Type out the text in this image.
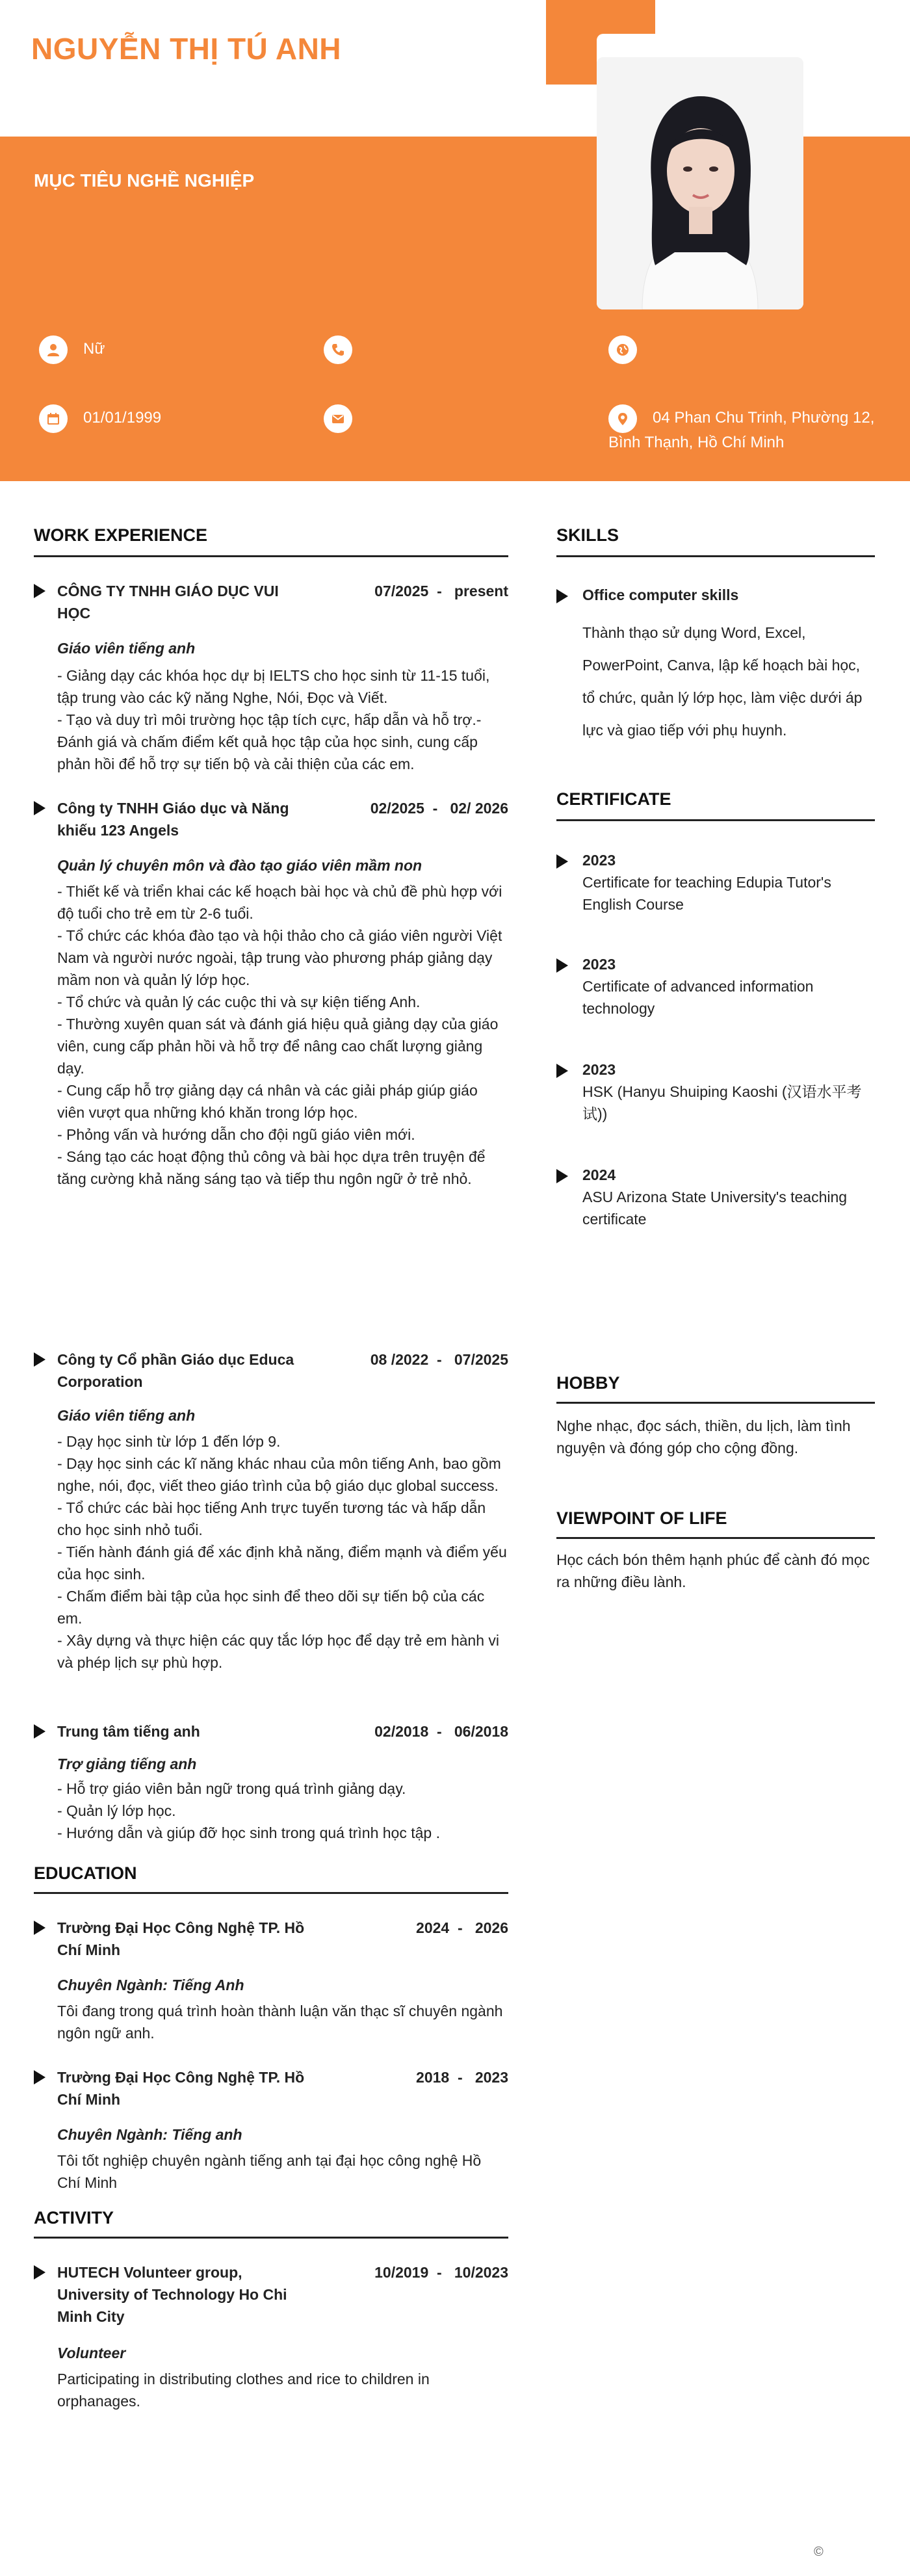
NGUYỄN THỊ TÚ ANH
MỤC TIÊU NGHỀ NGHIỆP
Nữ
01/01/1999	04 Phan Chu Trinh, Phường 12, Bình Thạnh, Hồ Chí Minh
WORK EXPERIENCE
CÔNG TY TNHH GIÁO DỤC VUI HỌC
07/2025  -   present
Giáo viên tiếng anh
- Giảng dạy các khóa học dự bị IELTS cho học sinh từ 11-15 tuổi, tập trung vào các kỹ năng Nghe, Nói, Đọc và Viết.
- Tạo và duy trì môi trường học tập tích cực, hấp dẫn và hỗ trợ.- Đánh giá và chấm điểm kết quả học tập của học sinh, cung cấp phản hồi để hỗ trợ sự tiến bộ và cải thiện của các em.
Công ty TNHH Giáo dục và Năng khiếu 123 Angels
02/2025  -   02/ 2026
Quản lý chuyên môn và đào tạo giáo viên mầm non
- Thiết kế và triển khai các kế hoạch bài học và chủ đề phù hợp với độ tuổi cho trẻ em từ 2-6 tuổi.
- Tổ chức các khóa đào tạo và hội thảo cho cả giáo viên người Việt Nam và người nước ngoài, tập trung vào phương pháp giảng dạy mầm non và quản lý lớp học.
- Tổ chức và quản lý các cuộc thi và sự kiện tiếng Anh.
- Thường xuyên quan sát và đánh giá hiệu quả giảng dạy của giáo viên, cung cấp phản hồi và hỗ trợ để nâng cao chất lượng giảng dạy.
- Cung cấp hỗ trợ giảng dạy cá nhân và các giải pháp giúp giáo viên vượt qua những khó khăn trong lớp học.
- Phỏng vấn và hướng dẫn cho đội ngũ giáo viên mới.
- Sáng tạo các hoạt động thủ công và bài học dựa trên truyện để tăng cường khả năng sáng tạo và tiếp thu ngôn ngữ ở trẻ nhỏ.
Công ty Cổ phần Giáo dục Educa Corporation
08 /2022  -   07/2025
Giáo viên tiếng anh
- Dạy học sinh từ lớp 1 đến lớp 9.
- Dạy học sinh các kĩ năng khác nhau của môn tiếng Anh, bao gồm nghe, nói, đọc, viết theo giáo trình của bộ giáo dục global success.
- Tổ chức các bài học tiếng Anh trực tuyến tương tác và hấp dẫn cho học sinh nhỏ tuổi.
- Tiến hành đánh giá để xác định khả năng, điểm mạnh và điểm yếu của học sinh.
- Chấm điểm bài tập của học sinh để theo dõi sự tiến bộ của các em.
- Xây dựng và thực hiện các quy tắc lớp học để dạy trẻ em hành vi và phép lịch sự phù hợp.
Trung tâm tiếng anh	02/2018  -   06/2018
Trợ giảng tiếng anh
- Hỗ trợ giáo viên bản ngữ trong quá trình giảng dạy.
- Quản lý lớp học.
- Hướng dẫn và giúp đỡ học sinh trong quá trình học tập .
EDUCATION
Trường Đại Học Công Nghệ TP. Hồ Chí Minh
2024  -   2026
Chuyên Ngành: Tiếng Anh
Tôi đang trong quá trình hoàn thành luận văn thạc sĩ chuyên ngành ngôn ngữ anh.
Trường Đại Học Công Nghệ TP. Hồ Chí Minh
2018  -   2023
Chuyên Ngành: Tiếng anh
Tôi tốt nghiệp chuyên ngành tiếng anh tại đại học công nghệ Hồ Chí Minh
ACTIVITY
HUTECH Volunteer group, University of Technology Ho Chi Minh City
10/2019  -   10/2023
Volunteer
Participating in distributing clothes and rice to children in orphanages.
SKILLS
Office computer skills
Thành thạo sử dụng Word, Excel, PowerPoint, Canva, lập kế hoạch bài học, tổ chức, quản lý lớp học, làm việc dưới áp lực và giao tiếp với phụ huynh.
CERTIFICATE
2023
Certificate for teaching Edupia Tutor's English Course
2023
Certificate of advanced information technology
2023
HSK (Hanyu Shuiping Kaoshi (汉语水平考试))
2024
ASU Arizona State University's teaching certificate
HOBBY
Nghe nhạc, đọc sách, thiền, du lịch, làm tình nguyện và đóng góp cho cộng đồng.
VIEWPOINT OF LIFE
Học cách bón thêm hạnh phúc để cành đó mọc ra những điều lành.
©
